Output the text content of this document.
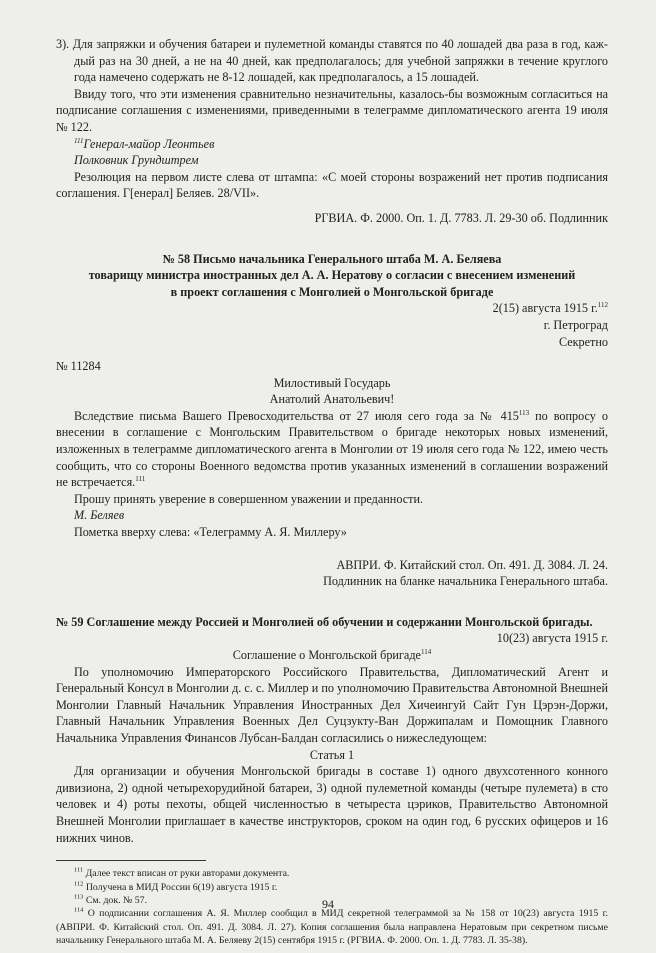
3). Для запряжки и обучения батареи и пулеметной команды ставятся по 40 лошадей два раза в год, каж- дый раз на 30 дней, а не на 40 дней, как предполагалось; для учебной запряжки в течение круглого года намечено содержать не 8-12 лошадей, как предполагалось, а 15 лошадей.

Ввиду того, что эти изменения сравнительно незначительны, казалось-бы возможным согласиться на подписание соглашения с изменениями, приведенными в телеграмме дипломатического агента 19 июля № 122.

$^{111}$Генерал-майор Леонтьев

Полковник Грундштрем

Резолюция на первом листе слева от штампа: «С моей стороны возражений нет против подписания соглашения. Г[енерал] Беляев. 28/VII».

РГВИА. Ф. 2000. Оп. 1. Д. 7783. Л. 29-30 об. Подлинник

№ 58 Письмо начальника Генерального штаба М. А. Беляева

товарищу министра иностранных дел А. А. Нератову о согласии с внесением изменений

в проект соглашения с Монголией о Монгольской бригаде

2(15) августа 1915 г.$^{112}$

г. Петроград

Секретно

№ 11284

Милостивый Государь

Анатолий Анатольевич!

Вследствие письма Вашего Превосходительства от 27 июля сего года за № $415^{113}$ по вопросу о внесении в соглашение с Монгольским Правительством о бригаде некоторых новых изменений, изложенных в телеграмме дипломатического агента в Монголии от 19 июля сего года № 122, имею честь сообщить, что со стороны Военного ведомства против указанных изменений в соглашении возражений не встречается.$^{111}$

Прошу принять уверение в совершенном уважении и преданности.

М. Беляев

Пометка вверху слева: «Телеграмму А. Я. Миллеру»

АВПРИ. Ф. Китайский стол. Оп. 491. Д. 3084. Л. 24.

Подлинник на бланке начальника Генерального штаба.

№ 59 Соглашение между Россией и Монголией об обучении и содержании Монгольской бригады.

10(23) августа 1915 г.

Соглашение о Монгольской бригаде$^{114}$

По уполномочию Императорского Российского Правительства, Дипломатический Агент и Генеральный Консул в Монголии д. с. с. Миллер и по уполномочию Правительства Автономной Внешней Монголии Главный Начальник Управления Иностранных Дел Хичеингуй Сайт Гун Цэрэн-Доржи, Главный Начальник Управления Военных Дел Суцзукту-Ван Доржипалам и Помощник Главного Начальника Управления Финансов Лубсан-Балдан согласились о нижеследующем:

Статья 1

Для организации и обучения Монгольской бригады в составе 1) одного двухсотенного конного дивизиона, 2) одной четырехорудийной батареи, 3) одной пулеметной команды (четыре пулемета) в сто человек и 4) роты пехоты, общей численностью в четыреста цэриков, Правительство Автономной Внешней Монголии приглашает в качестве инструкторов, сроком на один год, 6 русских офицеров и 16 нижних чинов.

$^{111}$ Далее текст вписан от руки авторами документа.

$^{112}$ Получена в МИД России 6(19) августа 1915 г.

$^{113}$ См. док. № 57.

$^{114}$ О подписании соглашения А. Я. Миллер сообщил в МИД секретной телеграммой за № 158 от 10(23) августа 1915 г. (АВПРИ. Ф. Китайский стол. Оп. 491. Д. 3084. Л. 27). Копия соглашения была направлена Нератовым при секретном письме начальнику Генерального штаба М. А. Беляеву 2(15) сентября 1915 г. (РГВИА. Ф. 2000. Оп. 1. Д. 7783. Л. 35-38).

94
